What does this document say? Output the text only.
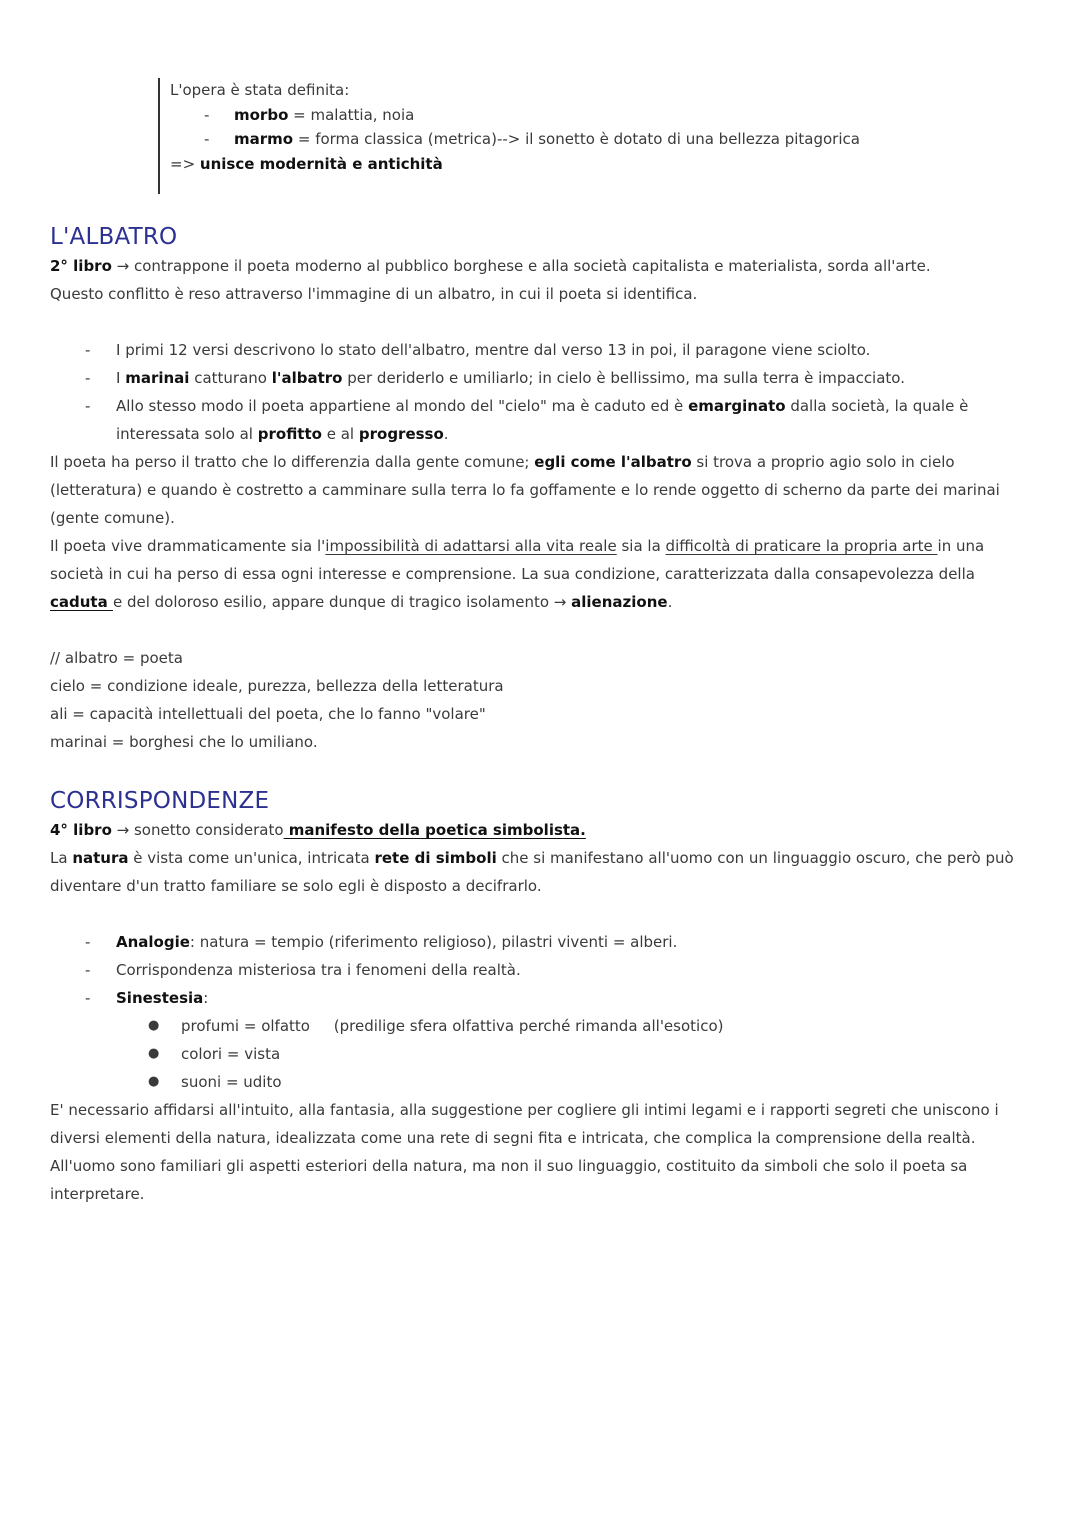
L'opera è stata definita:
- morbo = malattia, noia
- marmo = forma classica (metrica)--> il sonetto è dotato di una bellezza pitagorica
=> unisce modernità e antichità
L'ALBATRO
2° libro → contrappone il poeta moderno al pubblico borghese e alla società capitalista e materialista, sorda all'arte.
Questo conflitto è reso attraverso l'immagine di un albatro, in cui il poeta si identifica.
- I primi 12 versi descrivono lo stato dell'albatro, mentre dal verso 13 in poi, il paragone viene sciolto.
- I marinai catturano l'albatro per deriderlo e umiliarlo; in cielo è bellissimo, ma sulla terra è impacciato.
- Allo stesso modo il poeta appartiene al mondo del "cielo" ma è caduto ed è emarginato dalla società, la quale è interessata solo al profitto e al progresso.
Il poeta ha perso il tratto che lo differenzia dalla gente comune; egli come l'albatro si trova a proprio agio solo in cielo (letteratura) e quando è costretto a camminare sulla terra lo fa goffamente e lo rende oggetto di scherno da parte dei marinai (gente comune).
Il poeta vive drammaticamente sia l'impossibilità di adattarsi alla vita reale sia la difficoltà di praticare la propria arte in una società in cui ha perso di essa ogni interesse e comprensione. La sua condizione, caratterizzata dalla consapevolezza della caduta e del doloroso esilio, appare dunque di tragico isolamento → alienazione.
// albatro = poeta
cielo = condizione ideale, purezza, bellezza della letteratura
ali = capacità intellettuali del poeta, che lo fanno "volare"
marinai = borghesi che lo umiliano.
CORRISPONDENZE
4° libro → sonetto considerato manifesto della poetica simbolista.
La natura è vista come un'unica, intricata rete di simboli che si manifestano all'uomo con un linguaggio oscuro, che però può diventare d'un tratto familiare se solo egli è disposto a decifrarlo.
- Analogie: natura = tempio (riferimento religioso), pilastri viventi = alberi.
- Corrispondenza misteriosa tra i fenomeni della realtà.
- Sinestesia:
● profumi = olfatto     (predilige sfera olfattiva perché rimanda all'esotico)
● colori = vista
● suoni = udito
E' necessario affidarsi all'intuito, alla fantasia, alla suggestione per cogliere gli intimi legami e i rapporti segreti che uniscono i diversi elementi della natura, idealizzata come una rete di segni fita e intricata, che complica la comprensione della realtà. All'uomo sono familiari gli aspetti esteriori della natura, ma non il suo linguaggio, costituito da simboli che solo il poeta sa interpretare.
